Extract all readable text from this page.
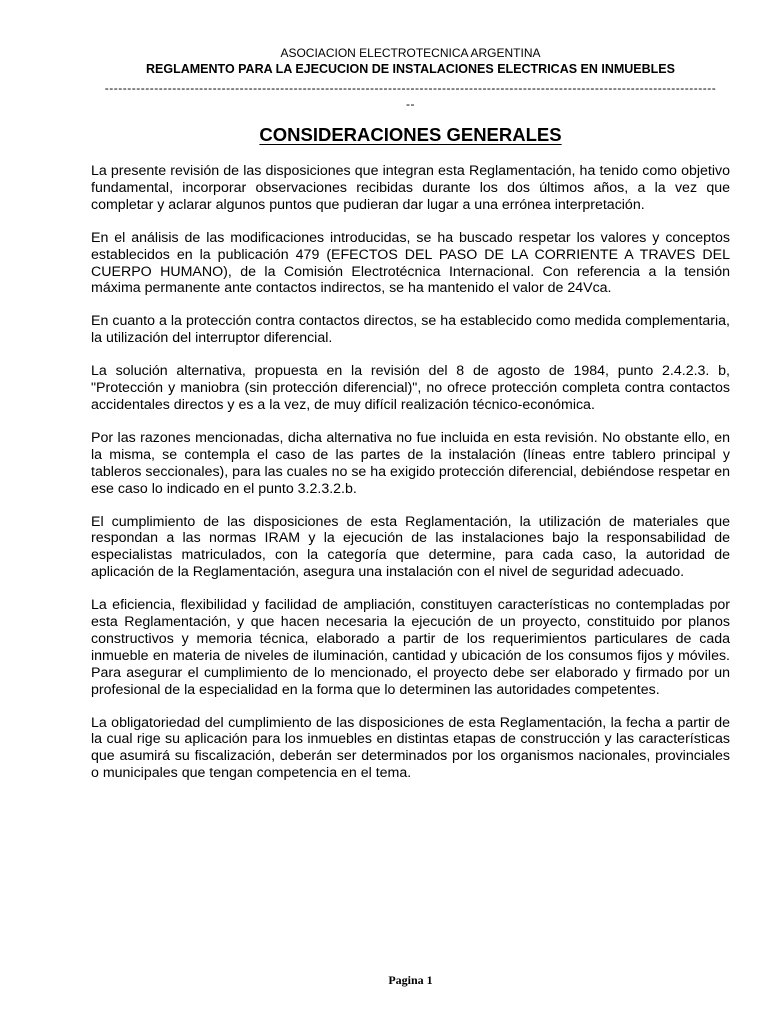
ASOCIACION ELECTROTECNICA ARGENTINA
REGLAMENTO PARA LA EJECUCION DE INSTALACIONES ELECTRICAS EN INMUEBLES
----------------------------------------------------------------------------------------------------------------------------------------
--
CONSIDERACIONES GENERALES

La presente revisión de las disposiciones que integran esta Reglamentación, ha tenido como objetivo fundamental, incorporar observaciones recibidas durante los dos últimos años, a la vez que completar y aclarar algunos puntos que pudieran dar lugar a una errónea interpretación.

En el análisis de las modificaciones introducidas, se ha buscado respetar los valores y conceptos establecidos en la publicación 479 (EFECTOS DEL PASO DE LA CORRIENTE A TRAVES DEL CUERPO HUMANO), de la Comisión Electrotécnica Internacional. Con referencia a la tensión máxima permanente ante contactos indirectos, se ha mantenido el valor de 24Vca.

En cuanto a la protección contra contactos directos, se ha establecido como medida complementaria, la utilización del interruptor diferencial.

La solución alternativa, propuesta en la revisión del 8 de agosto de 1984, punto 2.4.2.3. b, "Protección y maniobra (sin protección diferencial)", no ofrece protección completa contra contactos accidentales directos y es a la vez, de muy difícil realización técnico-económica.

Por las razones mencionadas, dicha alternativa no fue incluida en esta revisión. No obstante ello, en la misma, se contempla el caso de las partes de la instalación (líneas entre tablero principal y tableros seccionales), para las cuales no se ha exigido protección diferencial, debiéndose respetar en ese caso lo indicado en el punto 3.2.3.2.b.

El cumplimiento de las disposiciones de esta Reglamentación, la utilización de materiales que respondan a las normas IRAM y la ejecución de las instalaciones bajo la responsabilidad de especialistas matriculados, con la categoría que determine, para cada caso, la autoridad de aplicación de la Reglamentación, asegura una instalación con el nivel de seguridad adecuado.

La eficiencia, flexibilidad y facilidad de ampliación, constituyen características no contempladas por esta Reglamentación, y que hacen necesaria la ejecución de un proyecto, constituido por planos constructivos y memoria técnica, elaborado a partir de los requerimientos particulares de cada inmueble en materia de niveles de iluminación, cantidad y ubicación de los consumos fijos y móviles. Para asegurar el cumplimiento de lo mencionado, el proyecto debe ser elaborado y firmado por un profesional de la especialidad en la forma que lo determinen las autoridades competentes.

La obligatoriedad del cumplimiento de las disposiciones de esta Reglamentación, la fecha a partir de la cual rige su aplicación para los inmuebles en distintas etapas de construcción y las características que asumirá su fiscalización, deberán ser determinados por los organismos nacionales, provinciales o municipales que tengan competencia en el tema.

Pagina 1
